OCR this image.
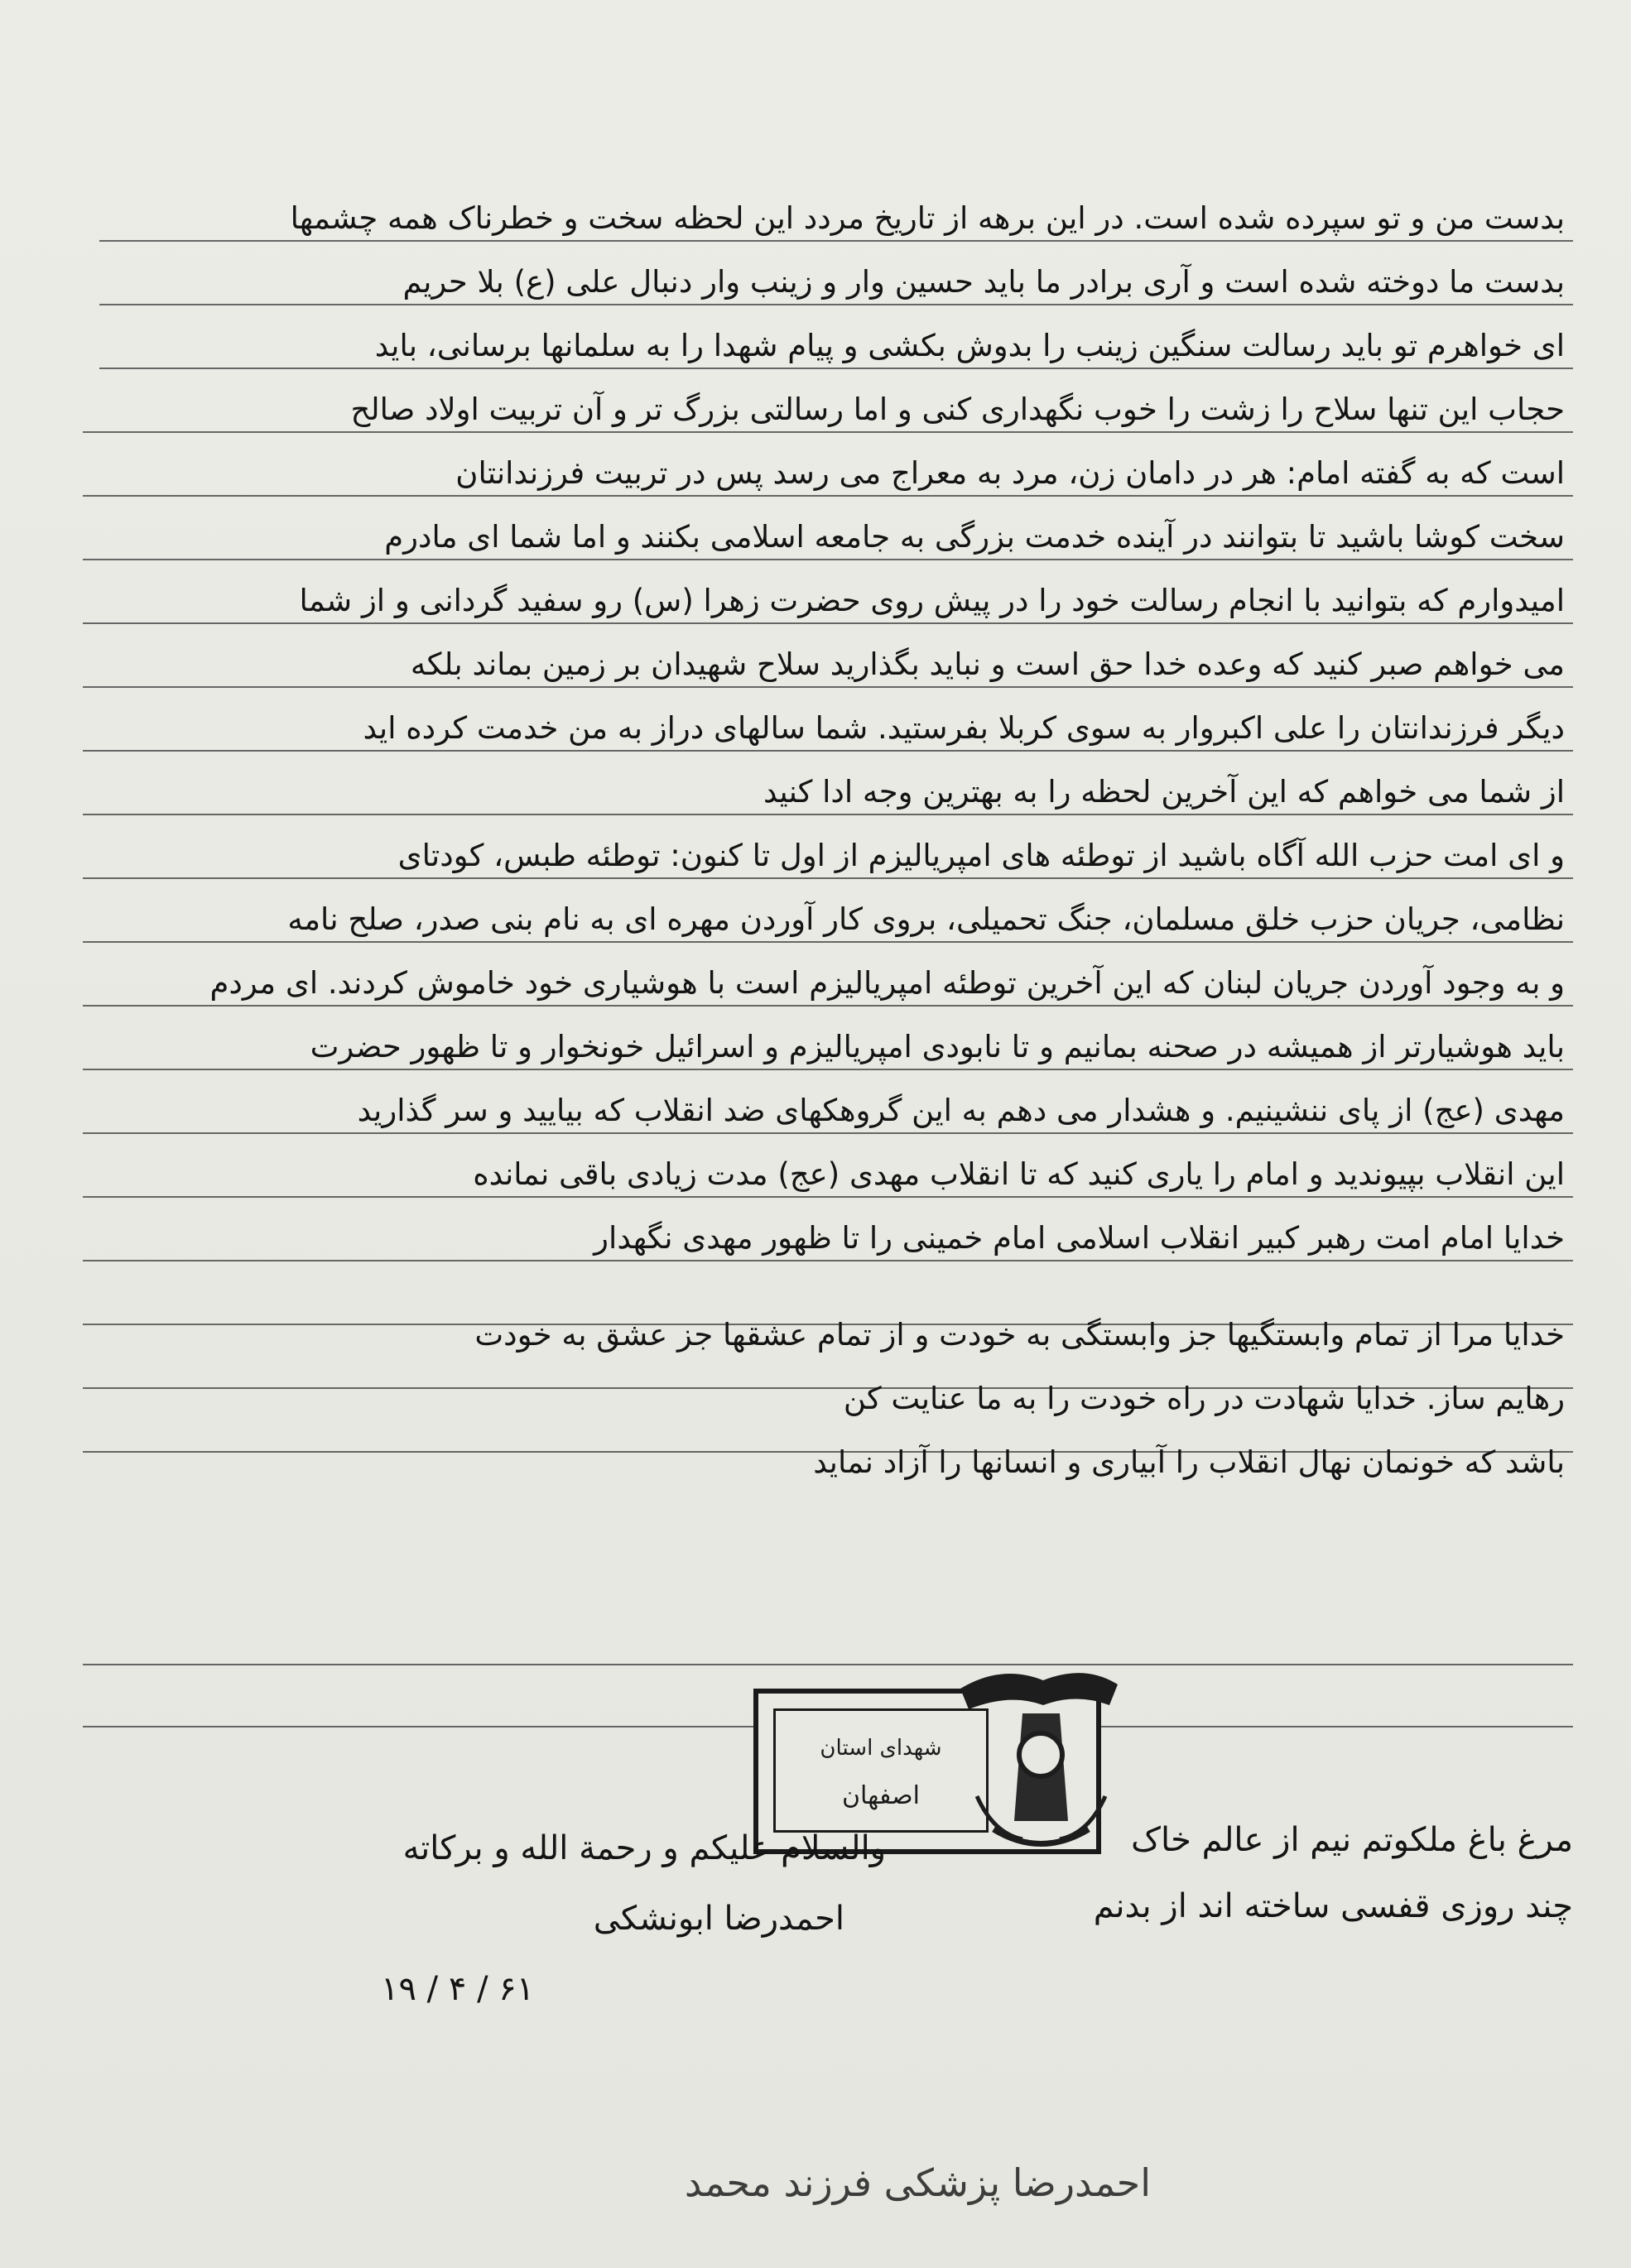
بدست من و تو سپرده شده است. در این برهه از تاریخ مردد این لحظه سخت و خطرناک همه چشمها
بدست ما دوخته شده است و آری برادر ما باید حسین وار و زینب وار دنبال علی (ع) بلا حریم
ای خواهرم تو باید رسالت سنگین زینب را بدوش بکشی و پیام شهدا را به سلمانها برسانی، باید
حجاب این تنها سلاح را زشت را خوب نگهداری کنی و اما رسالتی بزرگ تر و آن تربیت اولاد صالح
است که به گفته امام: هر در دامان زن، مرد به معراج می رسد پس در تربیت فرزندانتان
سخت کوشا باشید تا بتوانند در آینده خدمت بزرگی به جامعه اسلامی بکنند و اما شما ای مادرم
امیدوارم که بتوانید با انجام رسالت خود را در پیش روی حضرت زهرا (س) رو سفید گردانی و از شما
می خواهم صبر کنید که وعده خدا حق است و نباید بگذارید سلاح شهیدان بر زمین بماند بلکه
دیگر فرزندانتان را علی اکبروار به سوی کربلا بفرستید. شما سالهای دراز به من خدمت کرده اید
از شما می خواهم که این آخرین لحظه را به بهترین وجه ادا کنید
و ای امت حزب الله آگاه باشید از توطئه های امپریالیزم از اول تا کنون: توطئه طبس، کودتای
نظامی، جریان حزب خلق مسلمان، جنگ تحمیلی، بروی کار آوردن مهره ای به نام بنی صدر، صلح نامه
و به وجود آوردن جریان لبنان که این آخرین توطئه امپریالیزم است با هوشیاری خود خاموش کردند. ای مردم
باید هوشیارتر از همیشه در صحنه بمانیم و تا نابودی امپریالیزم و اسرائیل خونخوار و تا ظهور حضرت
مهدی (عج) از پای ننشینیم. و هشدار می دهم به این گروهکهای ضد انقلاب که بیایید و سر گذارید
این انقلاب بپیوندید و امام را یاری کنید که تا انقلاب مهدی (عج) مدت زیادی باقی نمانده
خدایا امام امت رهبر کبیر انقلاب اسلامی امام خمینی را تا ظهور مهدی نگهدار
خدایا مرا از تمام وابستگیها جز وابستگی به خودت و از تمام عشقها جز عشق به خودت
رهایم ساز. خدایا شهادت در راه خودت را به ما عنایت کن
باشد که خونمان نهال انقلاب را آبیاری و انسانها را آزاد نماید
شهدای استان
اصفهان
مرغ باغ ملکوتم نیم از عالم خاک
چند روزی قفسی ساخته اند از بدنم
والسلام علیکم و رحمة الله و برکاته
احمدرضا ابونشکی
۱۹ / ۴ / ۶۱
احمدرضا پزشکی فرزند محمد
